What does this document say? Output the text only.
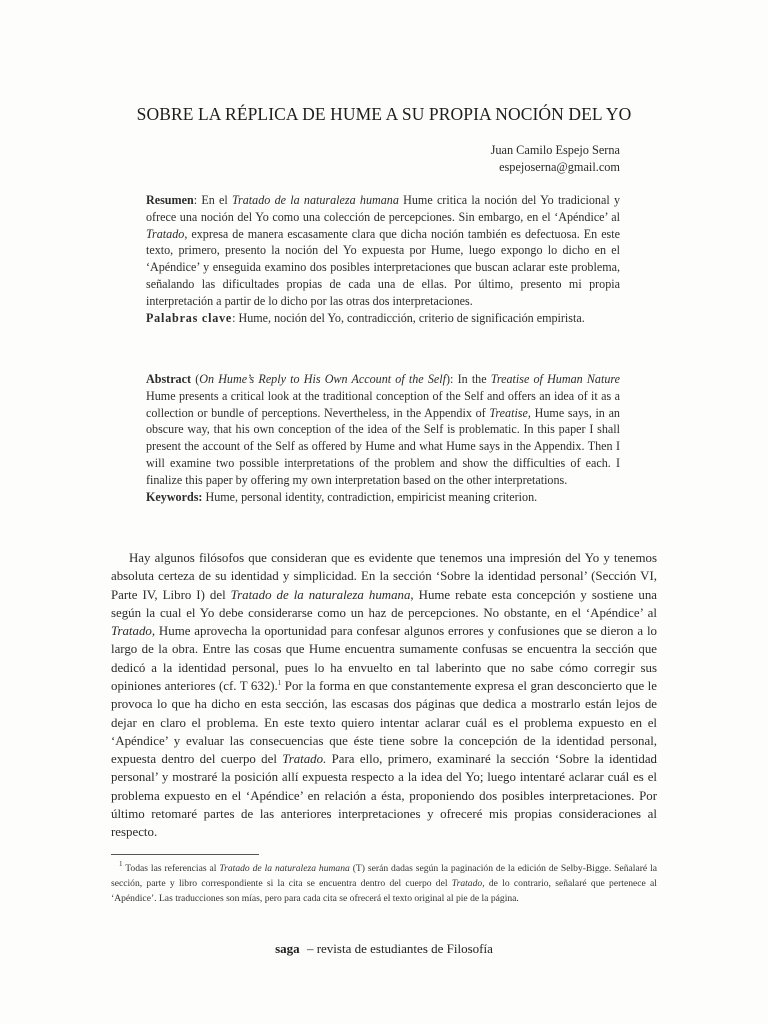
SOBRE LA RÉPLICA DE HUME A SU PROPIA NOCIÓN DEL YO
Juan Camilo Espejo Serna
espejoserna@gmail.com

Resumen: En el Tratado de la naturaleza humana Hume critica la noción del Yo tradicional y ofrece una noción del Yo como una colección de percepciones. Sin embargo, en el ‘Apéndice’ al Tratado, expresa de manera escasamente clara que dicha noción también es defectuosa. En este texto, primero, presento la noción del Yo expuesta por Hume, luego expongo lo dicho en el ‘Apéndice’ y enseguida examino dos posibles interpretaciones que buscan aclarar este problema, señalando las dificultades propias de cada una de ellas. Por último, presento mi propia interpretación a partir de lo dicho por las otras dos interpretaciones.

Palabras clave: Hume, noción del Yo, contradicción, criterio de significación empirista.

Abstract (On Hume’s Reply to His Own Account of the Self): In the Treatise of Human Nature Hume presents a critical look at the traditional conception of the Self and offers an idea of it as a collection or bundle of perceptions. Nevertheless, in the Appendix of Treatise, Hume says, in an obscure way, that his own conception of the idea of the Self is problematic. In this paper I shall present the account of the Self as offered by Hume and what Hume says in the Appendix. Then I will examine two possible interpretations of the problem and show the difficulties of each. I finalize this paper by offering my own interpretation based on the other interpretations.

Keywords: Hume, personal identity, contradiction, empiricist meaning criterion.

Hay algunos filósofos que consideran que es evidente que tenemos una impresión del Yo y tenemos absoluta certeza de su identidad y simplicidad. En la sección ‘Sobre la identidad personal’ (Sección VI, Parte IV, Libro I) del Tratado de la naturaleza humana, Hume rebate esta concepción y sostiene una según la cual el Yo debe considerarse como un haz de percepciones. No obstante, en el ‘Apéndice’ al Tratado, Hume aprovecha la oportunidad para confesar algunos errores y confusiones que se dieron a lo largo de la obra. Entre las cosas que Hume encuentra sumamente confusas se encuentra la sección que dedicó a la identidad personal, pues lo ha envuelto en tal laberinto que no sabe cómo corregir sus opiniones anteriores (cf. T 632).$^1$ Por la forma en que constantemente expresa el gran desconcierto que le provoca lo que ha dicho en esta sección, las escasas dos páginas que dedica a mostrarlo están lejos de dejar en claro el problema. En este texto quiero intentar aclarar cuál es el problema expuesto en el ‘Apéndice’ y evaluar las consecuencias que éste tiene sobre la concepción de la identidad personal, expuesta dentro del cuerpo del Tratado. Para ello, primero, examinaré la sección ‘Sobre la identidad personal’ y mostraré la posición allí expuesta respecto a la idea del Yo; luego intentaré aclarar cuál es el problema expuesto en el ‘Apéndice’ en relación a ésta, proponiendo dos posibles interpretaciones. Por último retomaré partes de las anteriores interpretaciones y ofreceré mis propias consideraciones al respecto.

$^1$ Todas las referencias al Tratado de la naturaleza humana (T) serán dadas según la paginación de la edición de Selby-Bigge. Señalaré la sección, parte y libro correspondiente si la cita se encuentra dentro del cuerpo del Tratado, de lo contrario, señalaré que pertenece al ‘Apéndice’. Las traducciones son mías, pero para cada cita se ofrecerá el texto original al pie de la página.

saga – revista de estudiantes de Filosofía
